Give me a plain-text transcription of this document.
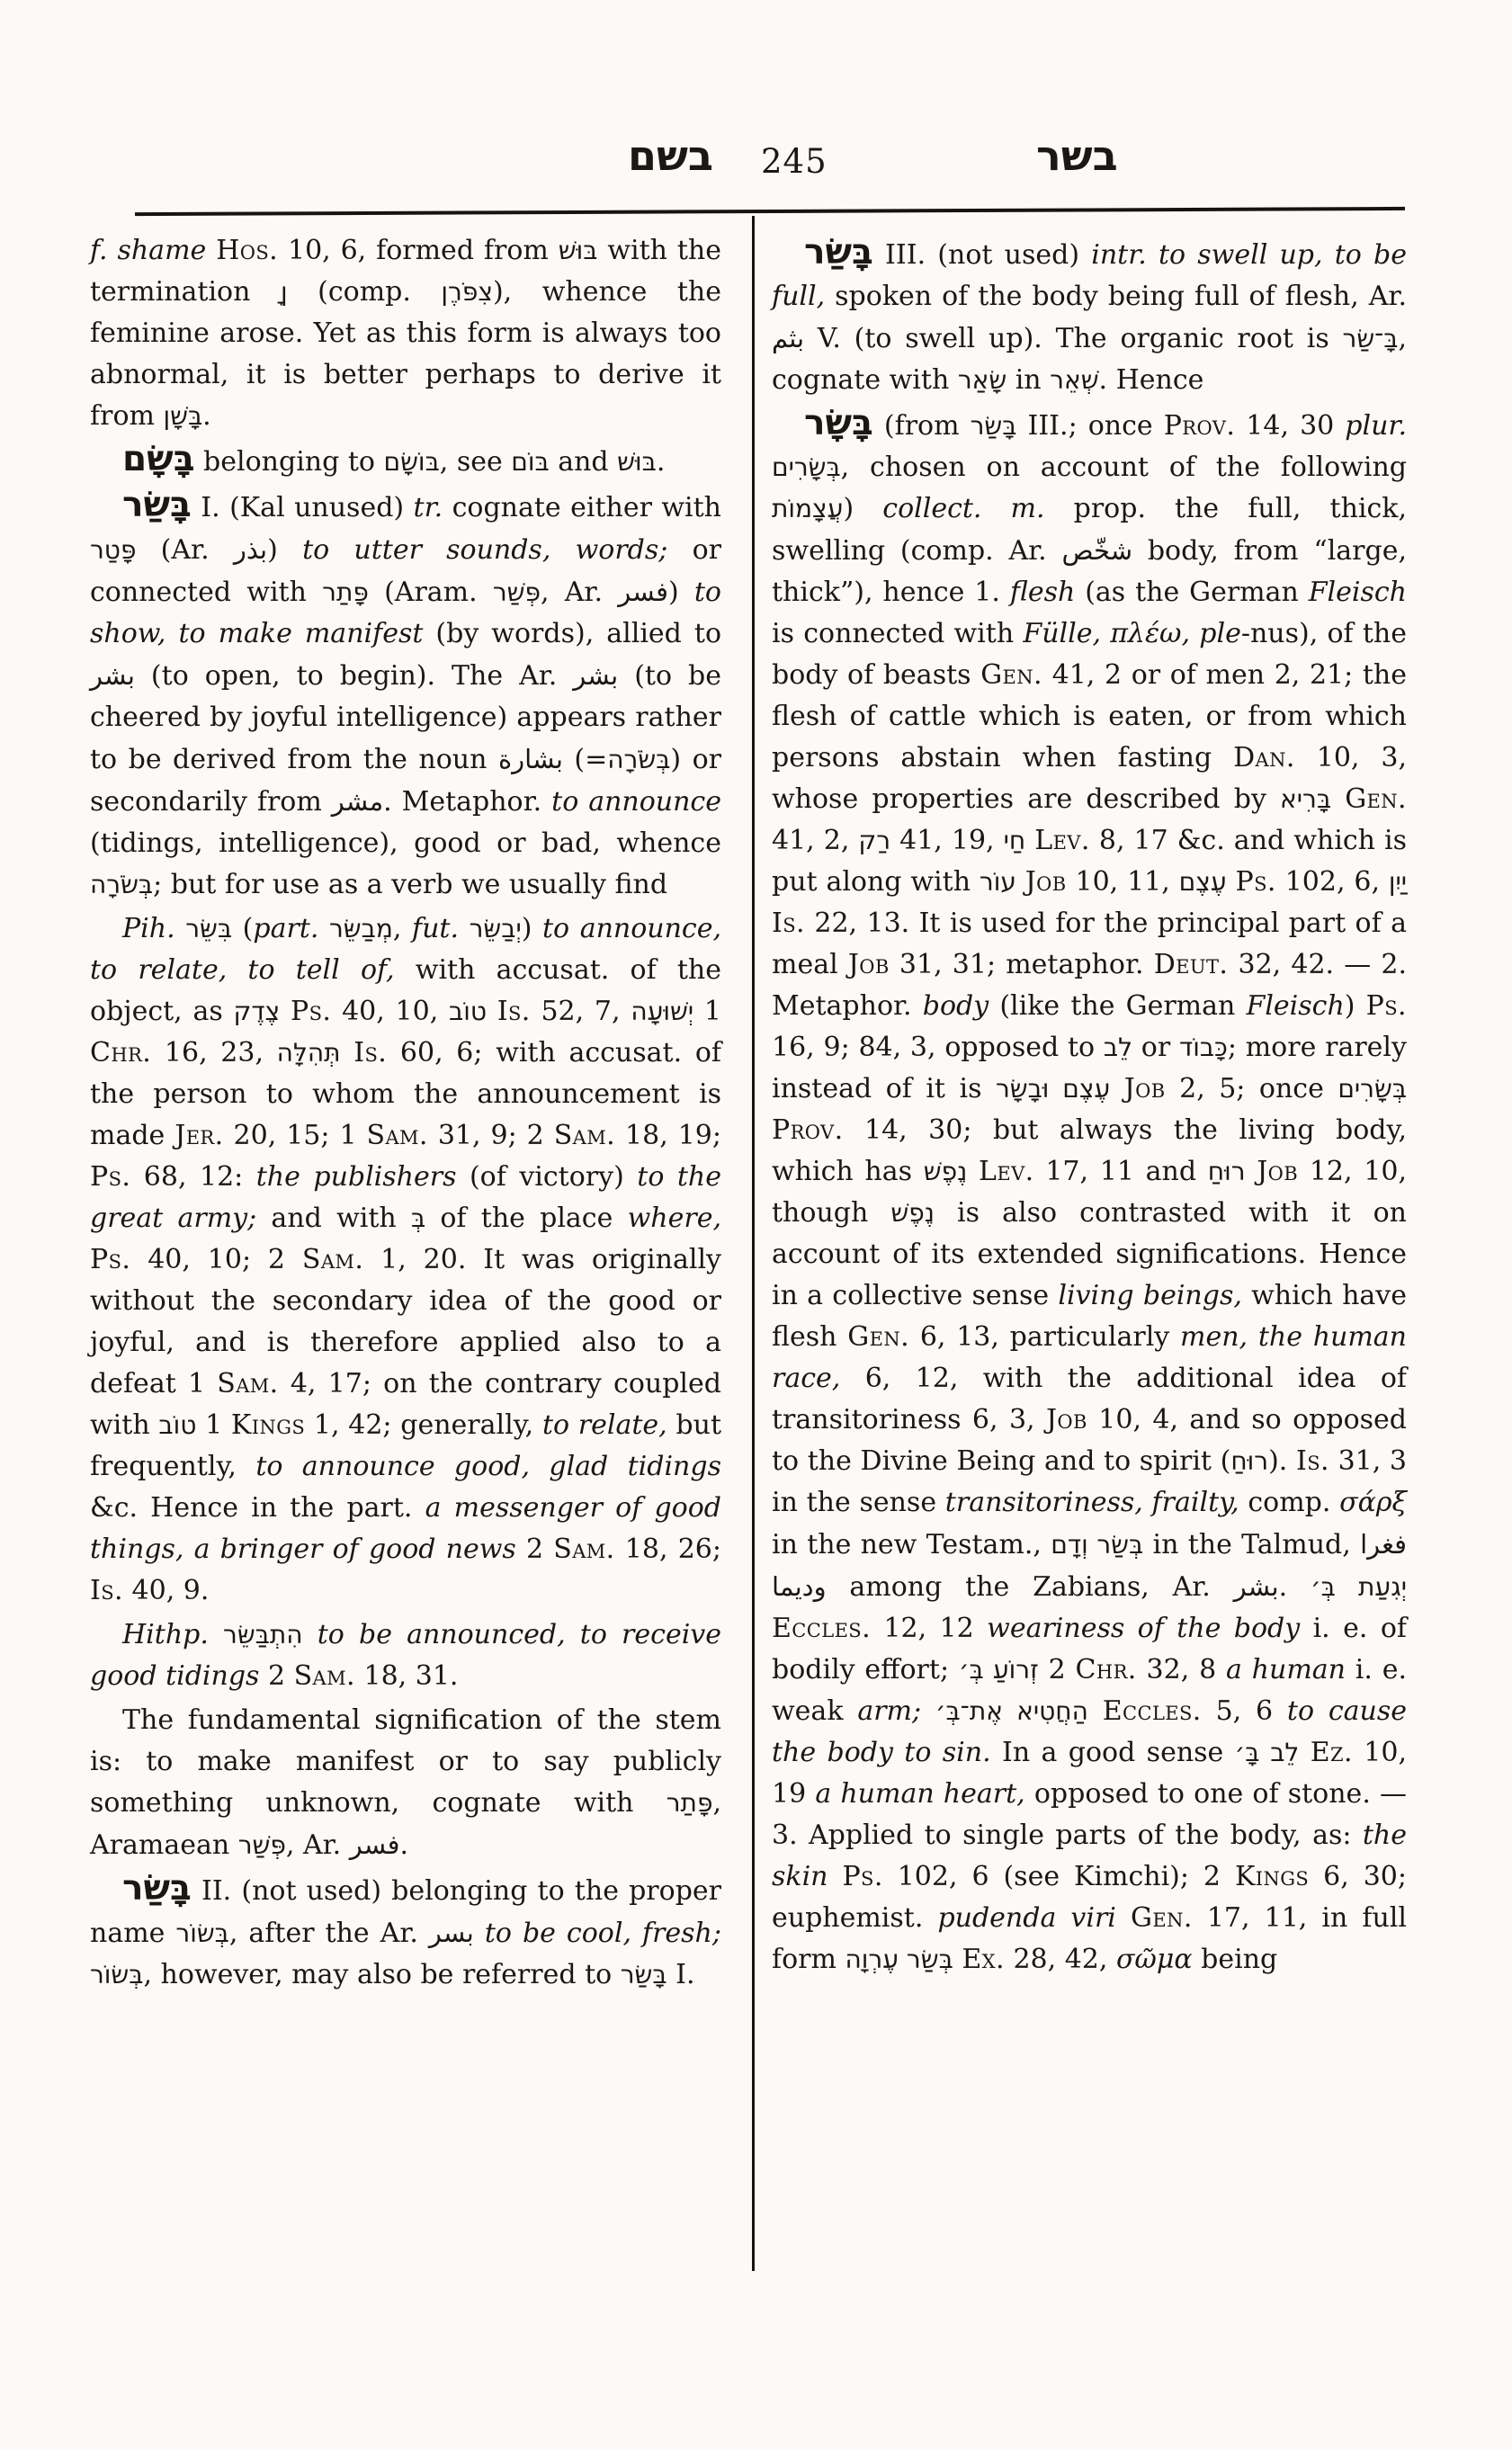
בשם 245	בשר

f. shame Hos. 10, 6, formed from בּוּשׁ with the termination ןָ (comp. צִפֹּרֶן), whence the feminine arose. Yet as this form is always too abnormal, it is better perhaps to derive it from בָּשָׁן.

בָּשָׂם belonging to בּוֹשָׂם, see בּוֹם and בּוּשׁ.

בָּשַׂר I. (Kal unused) tr. cognate either with פָּטַר (Ar. بذر) to utter sounds, words; or connected with פָּתַר (Aram. פְּשַׁר, Ar. فسر) to show, to make manifest (by words), allied to بشر (to open, to begin). The Ar. بشر (to be cheered by joyful intelligence) appears rather to be derived from the noun بشارة (=בְּשֹׂרָה) or secondarily from مشر. Metaphor. to announce (tidings, intelligence), good or bad, whence בְּשֹׂרָה; but for use as a verb we usually find

Pih. בִּשֵּׂר (part. מְבַשֵּׂר, fut. יְבַשֵּׂר) to announce, to relate, to tell of, with accusat. of the object, as צֶדֶק Ps. 40, 10, טוֹב Is. 52, 7, יְשׁוּעָה 1 Chr. 16, 23, תְּהִלָּה Is. 60, 6; with accusat. of the person to whom the announcement is made Jer. 20, 15; 1 Sam. 31, 9; 2 Sam. 18, 19; Ps. 68, 12: the publishers (of victory) to the great army; and with בְּ of the place where, Ps. 40, 10; 2 Sam. 1, 20. It was originally without the secondary idea of the good or joyful, and is therefore applied also to a defeat 1 Sam. 4, 17; on the contrary coupled with טוֹב 1 Kings 1, 42; generally, to relate, but frequently, to announce good, glad tidings &c. Hence in the part. a messenger of good things, a bringer of good news 2 Sam. 18, 26; Is. 40, 9.

Hithp. הִתְבַּשֵּׂר to be announced, to receive good tidings 2 Sam. 18, 31.

The fundamental signification of the stem is: to make manifest or to say publicly something unknown, cognate with פָּתַר, Aramaean פְּשַׁר, Ar. فسر.

בָּשַׂר II. (not used) belonging to the proper name בְּשׂוֹר, after the Ar. بسر to be cool, fresh; בְּשׂוֹר, however, may also be referred to בָּשַׂר I.

בָּשַׂר III. (not used) intr. to swell up, to be full, spoken of the body being full of flesh, Ar. بثم V. (to swell up). The organic root is בָּ־שַׂר, cognate with שָׂאַר in שְׁאֵר. Hence

בָּשָׂר (from בָּשַׂר III.; once Prov. 14, 30 plur. בְּשָׂרִים, chosen on account of the following עֲצָמוֹת) collect. m. prop. the full, thick, swelling (comp. Ar. شخّص body, from “large, thick”), hence 1. flesh (as the German Fleisch is connected with Fülle, πλέω, ple-nus), of the body of beasts Gen. 41, 2 or of men 2, 21; the flesh of cattle which is eaten, or from which persons abstain when fasting Dan. 10, 3, whose properties are described by בָּרִיא Gen. 41, 2, רַק 41, 19, חַי Lev. 8, 17 &c. and which is put along with עוֹר Job 10, 11, עֶצֶם Ps. 102, 6, יַיִן Is. 22, 13. It is used for the principal part of a meal Job 31, 31; metaphor. Deut. 32, 42. — 2. Metaphor. body (like the German Fleisch) Ps. 16, 9; 84, 3, opposed to לֵב or כָּבוֹד; more rarely instead of it is עֶצֶם וּבָשָׂר Job 2, 5; once בְּשָׂרִים Prov. 14, 30; but always the living body, which has נֶפֶשׁ Lev. 17, 11 and רוּחַ Job 12, 10, though נֶפֶשׁ is also contrasted with it on account of its extended significations. Hence in a collective sense living beings, which have flesh Gen. 6, 13, particularly men, the human race, 6, 12, with the additional idea of transitoriness 6, 3, Job 10, 4, and so opposed to the Divine Being and to spirit (רוּחַ). Is. 31, 3 in the sense transitoriness, frailty, comp. σάρξ in the new Testam., בְּשַׂר וְדָם in the Talmud, فغرا وديما among the Zabians, Ar. بشر. יְגִעַת בְּ׳ Eccles. 12, 12 weariness of the body i. e. of bodily effort; זְרוֹעַ בְּ׳ 2 Chr. 32, 8 a human i. e. weak arm; הַחֲטִיא אֶת־בְּ׳ Eccles. 5, 6 to cause the body to sin. In a good sense לֵב בָּ׳ Ez. 10, 19 a human heart, opposed to one of stone. — 3. Applied to single parts of the body, as: the skin Ps. 102, 6 (see Kimchi); 2 Kings 6, 30; euphemist. pudenda viri Gen. 17, 11, in full form בְּשַׂר עֶרְוָה Ex. 28, 42, σῶμα being
